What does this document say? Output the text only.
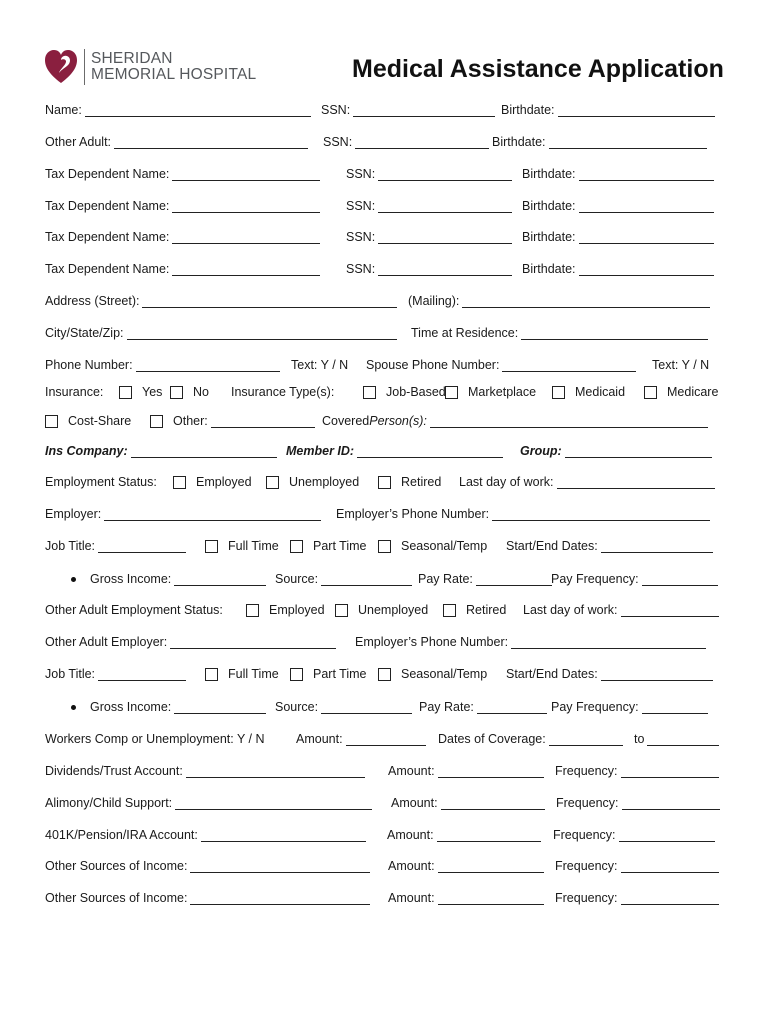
SHERIDAN
MEMORIAL HOSPITAL	Medical Assistance Application
Name:	SSN:	Birthdate:
Other Adult:	SSN:	Birthdate:
Tax Dependent Name:	SSN:	Birthdate:
Tax Dependent Name:	SSN:	Birthdate:
Tax Dependent Name:	SSN:	Birthdate:
Tax Dependent Name:	SSN:	Birthdate:
Address (Street):	(Mailing):
City/State/Zip:	Time at Residence:
Phone Number:	Text: Y / N Spouse Phone Number:	Text: Y / N
Insurance:	Yes No Insurance Type(s):	Job-Based Marketplace	Medicaid	Medicare
Cost-Share	Other:	Covered Person(s):
Ins Company:	Member ID:	Group:
Employment Status:	Employed	Unemployed	Retired Last day of work:
Employer:	Employer’s Phone Number:
Job Title:	Full Time	Part Time	Seasonal/Temp Start/End Dates:
Gross Income:	Source:	Pay Rate:	Pay Frequency:
Other Adult Employment Status:	Employed	Unemployed	Retired Last day of work:
Other Adult Employer:	Employer’s Phone Number:
Job Title:	Full Time	Part Time	Seasonal/Temp Start/End Dates:
Gross Income:	Source:	Pay Rate:	Pay Frequency:
Workers Comp or Unemployment: Y / N	Amount:	Dates of Coverage:	to
Dividends/Trust Account:	Amount:	Frequency:
Alimony/Child Support:	Amount:	Frequency:
401K/Pension/IRA Account:	Amount:	Frequency:
Other Sources of Income:	Amount:	Frequency:
Other Sources of Income:	Amount:	Frequency:
